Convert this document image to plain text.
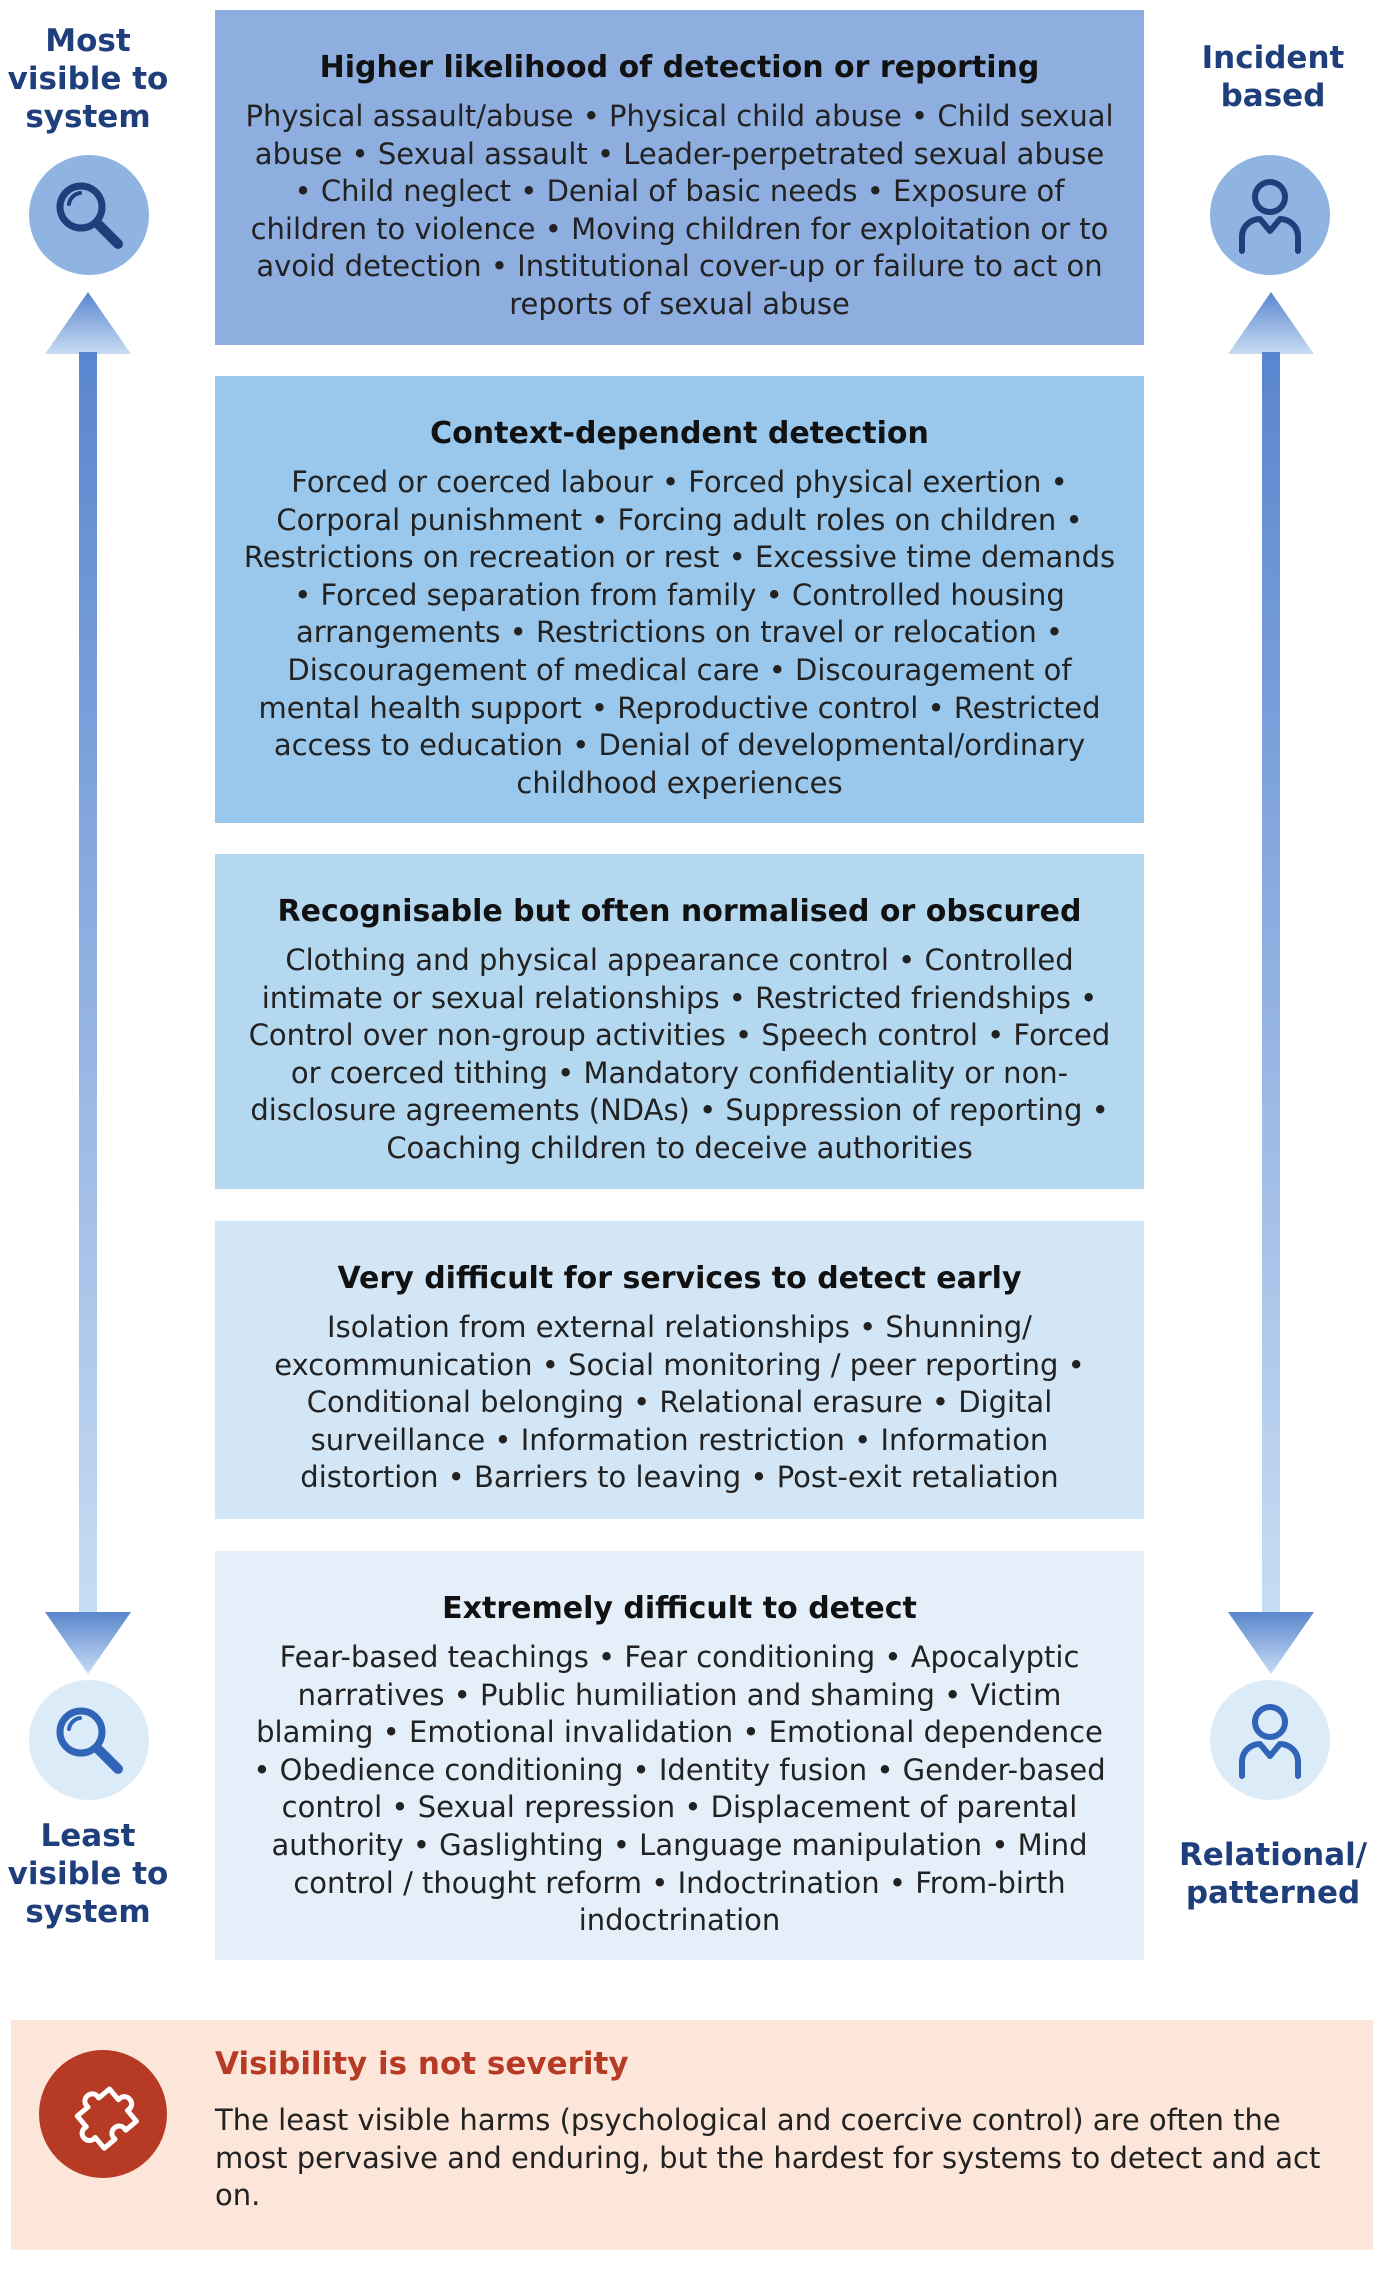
Most
visible to
system
Least
visible to
system
Incident
based
Relational/
patterned
Higher likelihood of detection or reporting
Physical assault/abuse • Physical child abuse • Child sexual abuse • Sexual assault • Leader-perpetrated sexual abuse • Child neglect • Denial of basic needs • Exposure of children to violence • Moving children for exploitation or to avoid detection • Institutional cover-up or failure to act on reports of sexual abuse
Context-dependent detection
Forced or coerced labour • Forced physical exertion • Corporal punishment • Forcing adult roles on children • Restrictions on recreation or rest • Excessive time demands • Forced separation from family • Controlled housing arrangements • Restrictions on travel or relocation • Discouragement of medical care • Discouragement of mental health support • Reproductive control • Restricted access to education • Denial of developmental/ordinary childhood experiences
Recognisable but often normalised or obscured
Clothing and physical appearance control • Controlled intimate or sexual relationships • Restricted friendships • Control over non-group activities • Speech control • Forced or coerced tithing • Mandatory confidentiality or non-disclosure agreements (NDAs) • Suppression of reporting • Coaching children to deceive authorities
Very difficult for services to detect early
Isolation from external relationships • Shunning/ excommunication • Social monitoring / peer reporting • Conditional belonging • Relational erasure • Digital surveillance • Information restriction • Information distortion • Barriers to leaving • Post-exit retaliation
Extremely difficult to detect
Fear-based teachings • Fear conditioning • Apocalyptic narratives • Public humiliation and shaming • Victim blaming • Emotional invalidation • Emotional dependence • Obedience conditioning • Identity fusion • Gender-based control • Sexual repression • Displacement of parental authority • Gaslighting • Language manipulation • Mind control / thought reform • Indoctrination • From-birth indoctrination
Visibility is not severity
The least visible harms (psychological and coercive control) are often the most pervasive and enduring, but the hardest for systems to detect and act on.
